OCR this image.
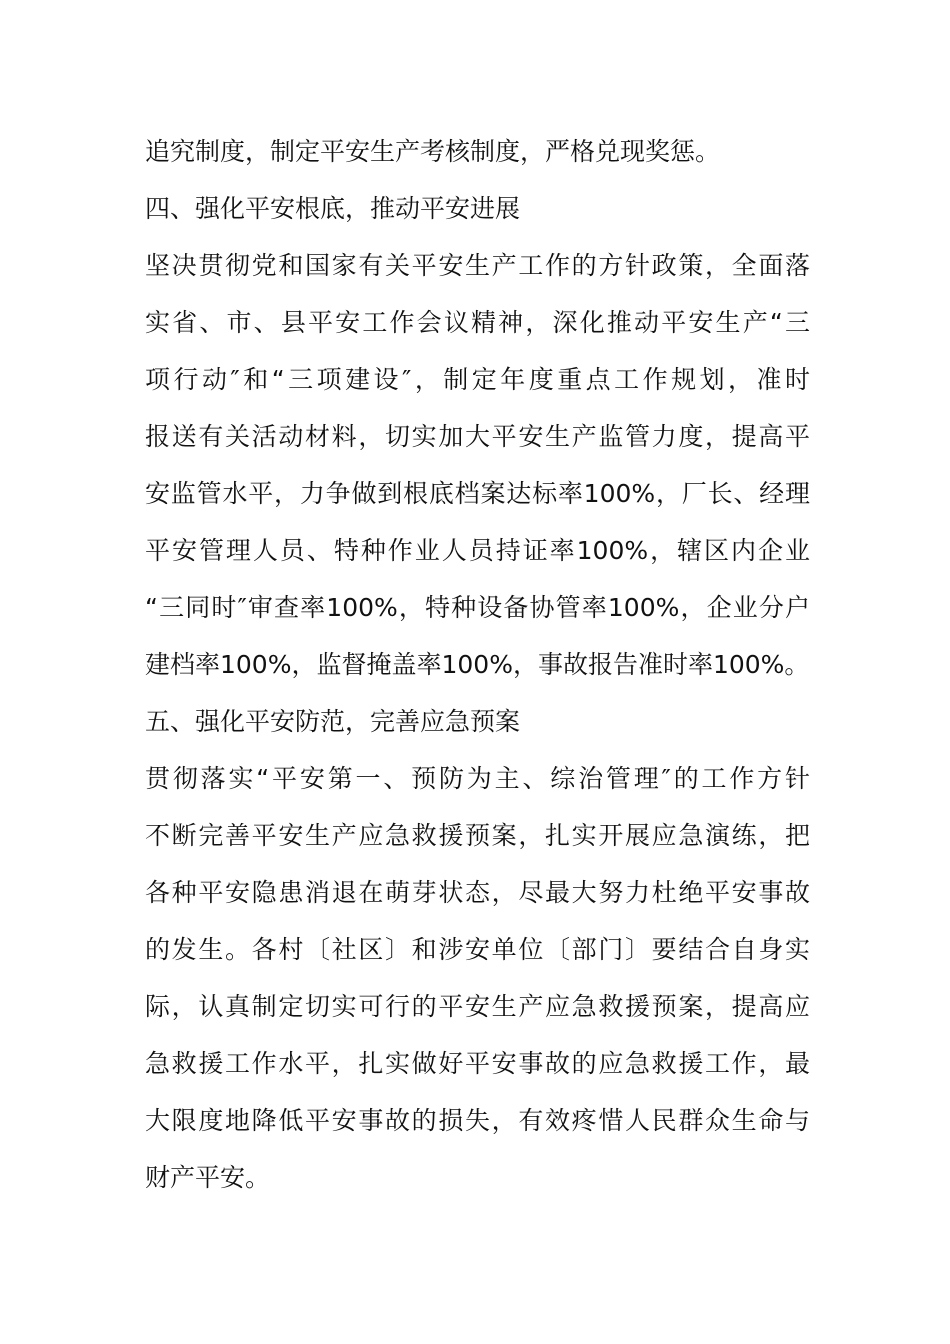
追究制度，制定平安生产考核制度，严格兑现奖惩。
四、强化平安根底，推动平安进展
坚决贯彻党和国家有关平安生产工作的方针政策，全面落
实省、市、县平安工作会议精神，深化推动平安生产“三
项行动″和“三项建设″，制定年度重点工作规划，准时
报送有关活动材料，切实加大平安生产监管力度，提高平
安监管水平，力争做到根底档案达标率100%，厂长、经理
平安管理人员、特种作业人员持证率100%，辖区内企业
“三同时″审查率100%，特种设备协管率100%，企业分户
建档率100%，监督掩盖率100%，事故报告准时率100%。
五、强化平安防范，完善应急预案
贯彻落实“平安第一、预防为主、综治管理″的工作方针
不断完善平安生产应急救援预案，扎实开展应急演练，把
各种平安隐患消退在萌芽状态，尽最大努力杜绝平安事故
的发生。各村〔社区〕和涉安单位〔部门〕要结合自身实
际，认真制定切实可行的平安生产应急救援预案，提高应
急救援工作水平，扎实做好平安事故的应急救援工作，最
大限度地降低平安事故的损失，有效疼惜人民群众生命与
财产平安。
